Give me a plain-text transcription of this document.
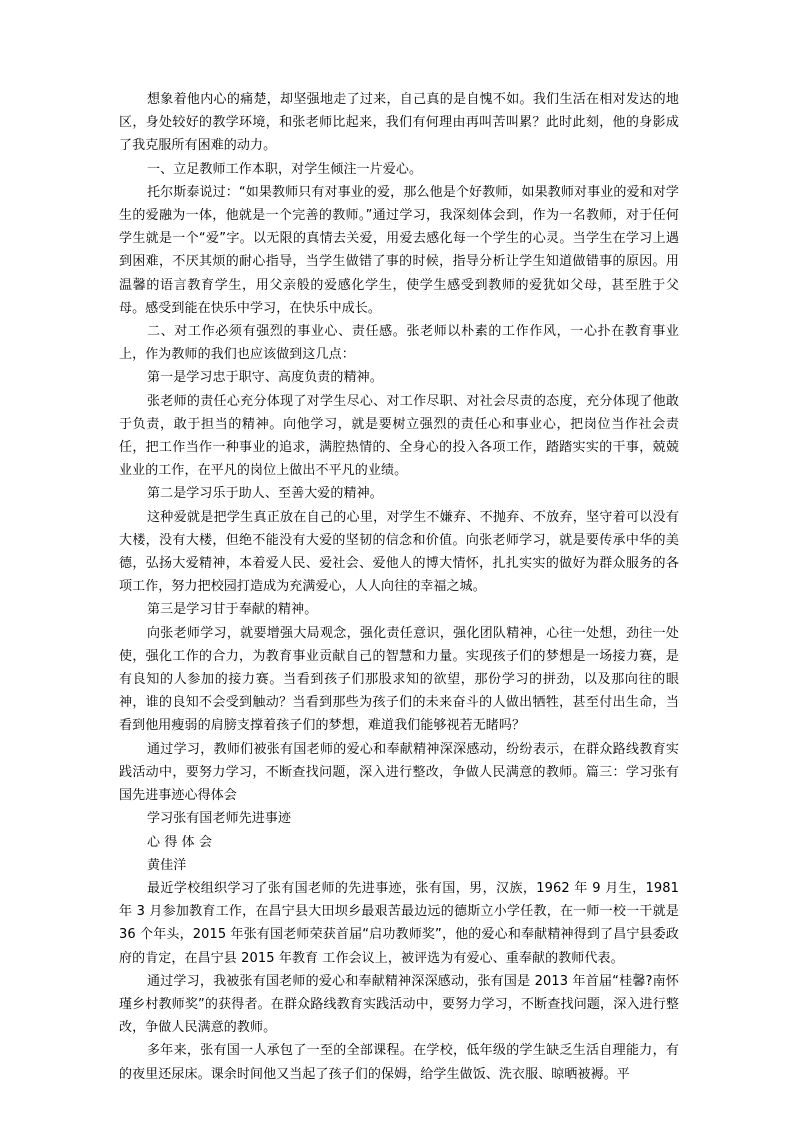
想象着他内心的痛楚，却坚强地走了过来，自己真的是自愧不如。我们生活在相对发达的地区，身处较好的教学环境，和张老师比起来，我们有何理由再叫苦叫累？此时此刻，他的身影成了我克服所有困难的动力。

一、立足教师工作本职，对学生倾注一片爱心。

托尔斯泰说过：“如果教师只有对事业的爱，那么他是个好教师，如果教师对事业的爱和对学生的爱融为一体，他就是一个完善的教师。”通过学习，我深刻体会到，作为一名教师，对于任何学生就是一个“爱”字。以无限的真情去关爱，用爱去感化每一个学生的心灵。当学生在学习上遇到困难，不厌其烦的耐心指导，当学生做错了事的时候，指导分析让学生知道做错事的原因。用温馨的语言教育学生，用父亲般的爱感化学生，使学生感受到教师的爱犹如父母，甚至胜于父母。感受到能在快乐中学习，在快乐中成长。

二、对工作必须有强烈的事业心、责任感。张老师以朴素的工作作风，一心扑在教育事业上，作为教师的我们也应该做到这几点：

第一是学习忠于职守、高度负责的精神。

张老师的责任心充分体现了对学生尽心、对工作尽职、对社会尽责的态度，充分体现了他敢于负责，敢于担当的精神。向他学习，就是要树立强烈的责任心和事业心，把岗位当作社会责任，把工作当作一种事业的追求，满腔热情的、全身心的投入各项工作，踏踏实实的干事，兢兢业业的工作，在平凡的岗位上做出不平凡的业绩。

第二是学习乐于助人、至善大爱的精神。

这种爱就是把学生真正放在自己的心里，对学生不嫌弃、不抛弃、不放弃，坚守着可以没有大楼，没有大楼，但绝不能没有大爱的坚韧的信念和价值。向张老师学习，就是要传承中华的美德，弘扬大爱精神，本着爱人民、爱社会、爱他人的博大情怀，扎扎实实的做好为群众服务的各项工作，努力把校园打造成为充满爱心，人人向往的幸福之城。

第三是学习甘于奉献的精神。

向张老师学习，就要增强大局观念，强化责任意识，强化团队精神，心往一处想，劲往一处使，强化工作的合力，为教育事业贡献自己的智慧和力量。实现孩子们的梦想是一场接力赛，是有良知的人参加的接力赛。当看到孩子们那股求知的欲望，那份学习的拼劲，以及那向往的眼神，谁的良知不会受到触动？当看到那些为孩子们的未来奋斗的人做出牺牲，甚至付出生命，当看到他用瘦弱的肩膀支撑着孩子们的梦想，难道我们能够视若无睹吗？

通过学习，教师们被张有国老师的爱心和奉献精神深深感动，纷纷表示，在群众路线教育实践活动中，要努力学习，不断查找问题，深入进行整改，争做人民满意的教师。篇三：学习张有国先进事迹心得体会

学习张有国老师先进事迹

心 得 体 会

黄佳洋

最近学校组织学习了张有国老师的先进事迹，张有国，男，汉族，1962 年 9 月生，1981 年 3 月参加教育工作，在昌宁县大田坝乡最艰苦最边远的德斯立小学任教，在一师一校一干就是 36 个年头，2015 年张有国老师荣获首届“启功教师奖”，他的爱心和奉献精神得到了昌宁县委政府的肯定，在昌宁县 2015 年教育 工作会议上，被评选为有爱心、重奉献的教师代表。

通过学习，我被张有国老师的爱心和奉献精神深深感动，张有国是 2013 年首届“桂馨?南怀瑾乡村教师奖”的获得者。在群众路线教育实践活动中，要努力学习，不断查找问题，深入进行整改，争做人民满意的教师。

多年来，张有国一人承包了一至的全部课程。在学校，低年级的学生缺乏生活自理能力，有的夜里还尿床。课余时间他又当起了孩子们的保姆，给学生做饭、洗衣服、晾晒被褥。平
